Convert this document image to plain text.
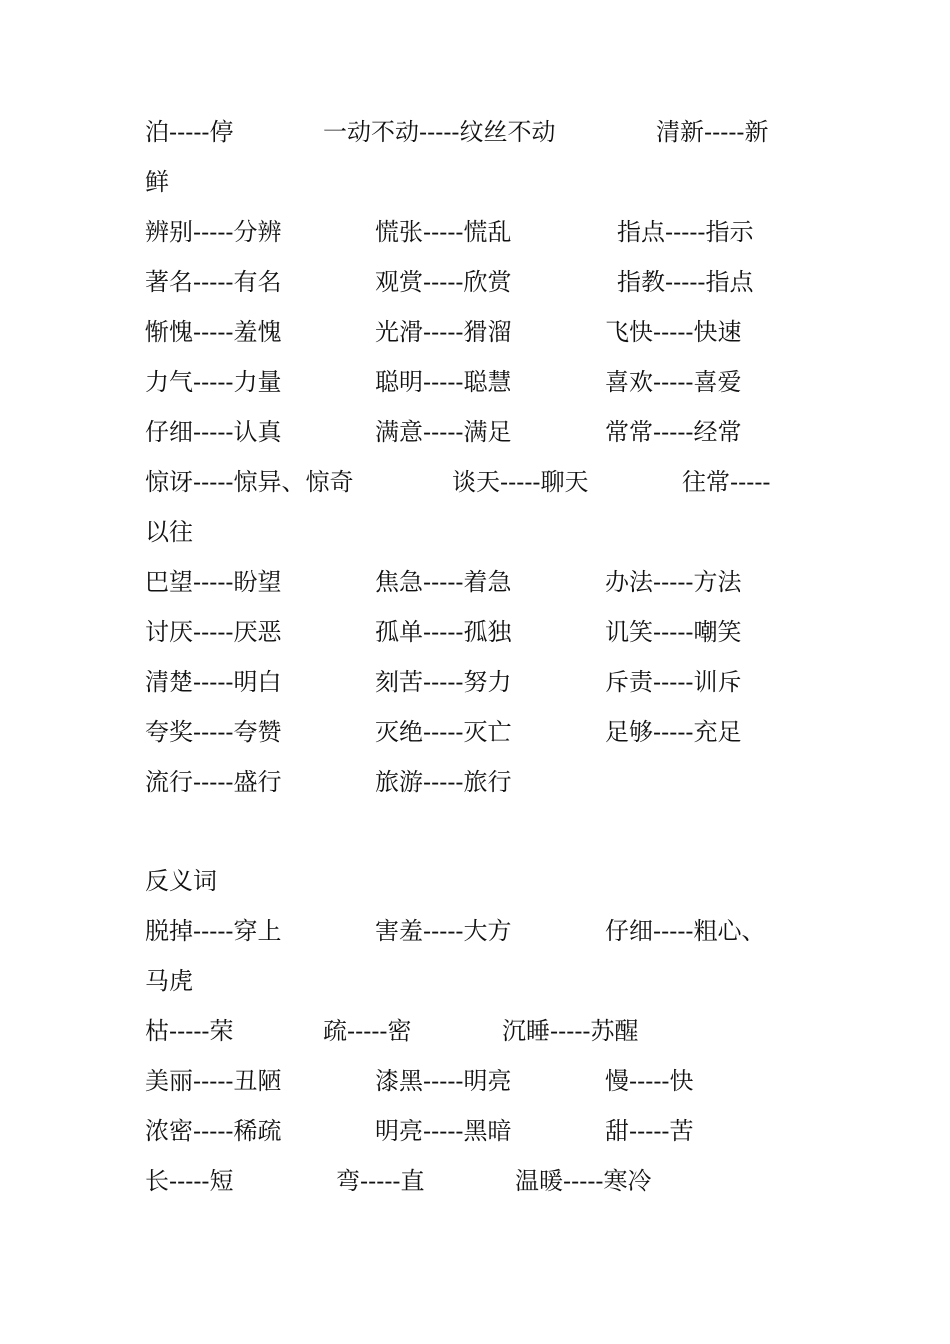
泊-----停	一动不动-----纹丝不动	清新-----新
鲜
辨别-----分辨	慌张-----慌乱	指点-----指示
著名-----有名	观赏-----欣赏	指教-----指点
惭愧-----羞愧	光滑-----猾溜	飞快-----快速
力气-----力量	聪明-----聪慧	喜欢-----喜爱
仔细-----认真	满意-----满足	常常-----经常
惊讶-----惊异、惊奇	谈天-----聊天	往常-----
以往
巴望-----盼望	焦急-----着急	办法-----方法
讨厌-----厌恶	孤单-----孤独	讥笑-----嘲笑
清楚-----明白	刻苦-----努力	斥责-----训斥
夸奖-----夸赞	灭绝-----灭亡	足够-----充足
流行-----盛行	旅游-----旅行
反义词
脱掉-----穿上	害羞-----大方	仔细-----粗心、
马虎
枯-----荣	疏-----密	沉睡-----苏醒
美丽-----丑陋	漆黑-----明亮	慢-----快
浓密-----稀疏	明亮-----黑暗	甜-----苦
长-----短	弯-----直	温暖-----寒冷
